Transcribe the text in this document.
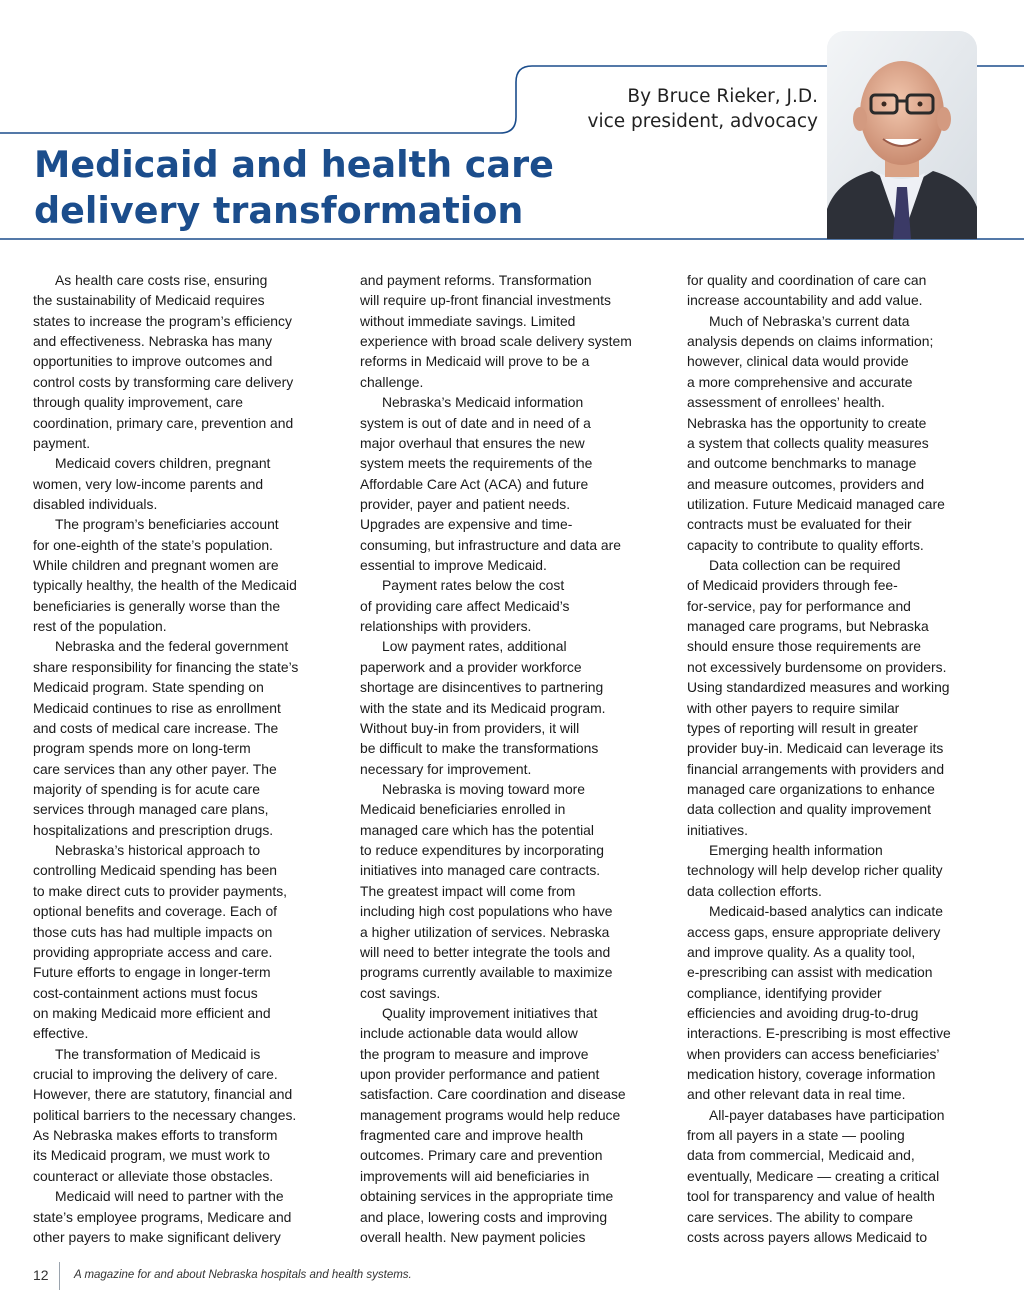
By Bruce Rieker, J.D.
vice president, advocacy
Medicaid and health care
delivery transformation
As health care costs rise, ensuring
the sustainability of Medicaid requires
states to increase the program’s efficiency
and effectiveness. Nebraska has many
opportunities to improve outcomes and
control costs by transforming care delivery
through quality improvement, care
coordination, primary care, prevention and
payment.
Medicaid covers children, pregnant
women, very low-income parents and
disabled individuals.
The program’s beneficiaries account
for one-eighth of the state’s population.
While children and pregnant women are
typically healthy, the health of the Medicaid
beneficiaries is generally worse than the
rest of the population.
Nebraska and the federal government
share responsibility for financing the state’s
Medicaid program. State spending on
Medicaid continues to rise as enrollment
and costs of medical care increase. The
program spends more on long-term
care services than any other payer. The
majority of spending is for acute care
services through managed care plans,
hospitalizations and prescription drugs.
Nebraska’s historical approach to
controlling Medicaid spending has been
to make direct cuts to provider payments,
optional benefits and coverage. Each of
those cuts has had multiple impacts on
providing appropriate access and care.
Future efforts to engage in longer-term
cost-containment actions must focus
on making Medicaid more efficient and
effective.
The transformation of Medicaid is
crucial to improving the delivery of care.
However, there are statutory, financial and
political barriers to the necessary changes.
As Nebraska makes efforts to transform
its Medicaid program, we must work to
counteract or alleviate those obstacles.
Medicaid will need to partner with the
state’s employee programs, Medicare and
other payers to make significant delivery
and payment reforms. Transformation
will require up-front financial investments
without immediate savings. Limited
experience with broad scale delivery system
reforms in Medicaid will prove to be a
challenge.
Nebraska’s Medicaid information
system is out of date and in need of a
major overhaul that ensures the new
system meets the requirements of the
Affordable Care Act (ACA) and future
provider, payer and patient needs.
Upgrades are expensive and time-
consuming, but infrastructure and data are
essential to improve Medicaid.
Payment rates below the cost
of providing care affect Medicaid’s
relationships with providers.
Low payment rates, additional
paperwork and a provider workforce
shortage are disincentives to partnering
with the state and its Medicaid program.
Without buy-in from providers, it will
be difficult to make the transformations
necessary for improvement.
Nebraska is moving toward more
Medicaid beneficiaries enrolled in
managed care which has the potential
to reduce expenditures by incorporating
initiatives into managed care contracts.
The greatest impact will come from
including high cost populations who have
a higher utilization of services. Nebraska
will need to better integrate the tools and
programs currently available to maximize
cost savings.
Quality improvement initiatives that
include actionable data would allow
the program to measure and improve
upon provider performance and patient
satisfaction. Care coordination and disease
management programs would help reduce
fragmented care and improve health
outcomes. Primary care and prevention
improvements will aid beneficiaries in
obtaining services in the appropriate time
and place, lowering costs and improving
overall health. New payment policies
for quality and coordination of care can
increase accountability and add value.
Much of Nebraska’s current data
analysis depends on claims information;
however, clinical data would provide
a more comprehensive and accurate
assessment of enrollees’ health.
Nebraska has the opportunity to create
a system that collects quality measures
and outcome benchmarks to manage
and measure outcomes, providers and
utilization. Future Medicaid managed care
contracts must be evaluated for their
capacity to contribute to quality efforts.
Data collection can be required
of Medicaid providers through fee-
for-service, pay for performance and
managed care programs, but Nebraska
should ensure those requirements are
not excessively burdensome on providers.
Using standardized measures and working
with other payers to require similar
types of reporting will result in greater
provider buy-in. Medicaid can leverage its
financial arrangements with providers and
managed care organizations to enhance
data collection and quality improvement
initiatives.
Emerging health information
technology will help develop richer quality
data collection efforts.
Medicaid-based analytics can indicate
access gaps, ensure appropriate delivery
and improve quality. As a quality tool,
e-prescribing can assist with medication
compliance, identifying provider
efficiencies and avoiding drug-to-drug
interactions. E-prescribing is most effective
when providers can access beneficiaries’
medication history, coverage information
and other relevant data in real time.
All-payer databases have participation
from all payers in a state — pooling
data from commercial, Medicaid and,
eventually, Medicare — creating a critical
tool for transparency and value of health
care services. The ability to compare
costs across payers allows Medicaid to
12 A magazine for and about Nebraska hospitals and health systems.
